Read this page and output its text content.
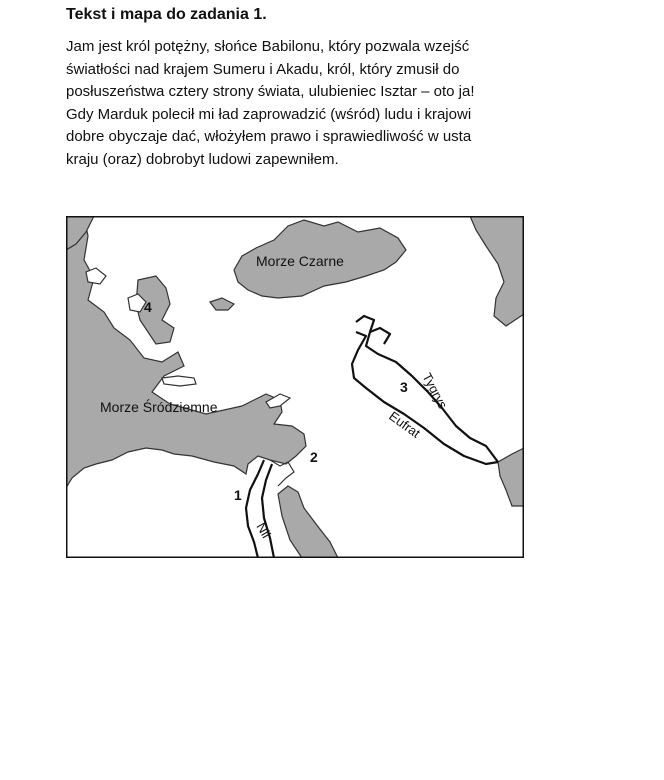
Tekst i mapa do zadania 1.
Jam jest król potężny, słońce Babilonu, który pozwala wzejść
światłości nad krajem Sumeru i Akadu, król, który zmusił do
posłuszeństwa cztery strony świata, ulubieniec Isztar – oto ja!
Gdy Marduk polecił mi ład zaprowadzić (wśród) ludu i krajowi
dobre obyczaje dać, włożyłem prawo i sprawiedliwość w usta
kraju (oraz) dobrobyt ludowi zapewniłem.
Morze Czarne
Morze Śródziemne	Tygrys
Eufrat
Nil
1
2
3
4
